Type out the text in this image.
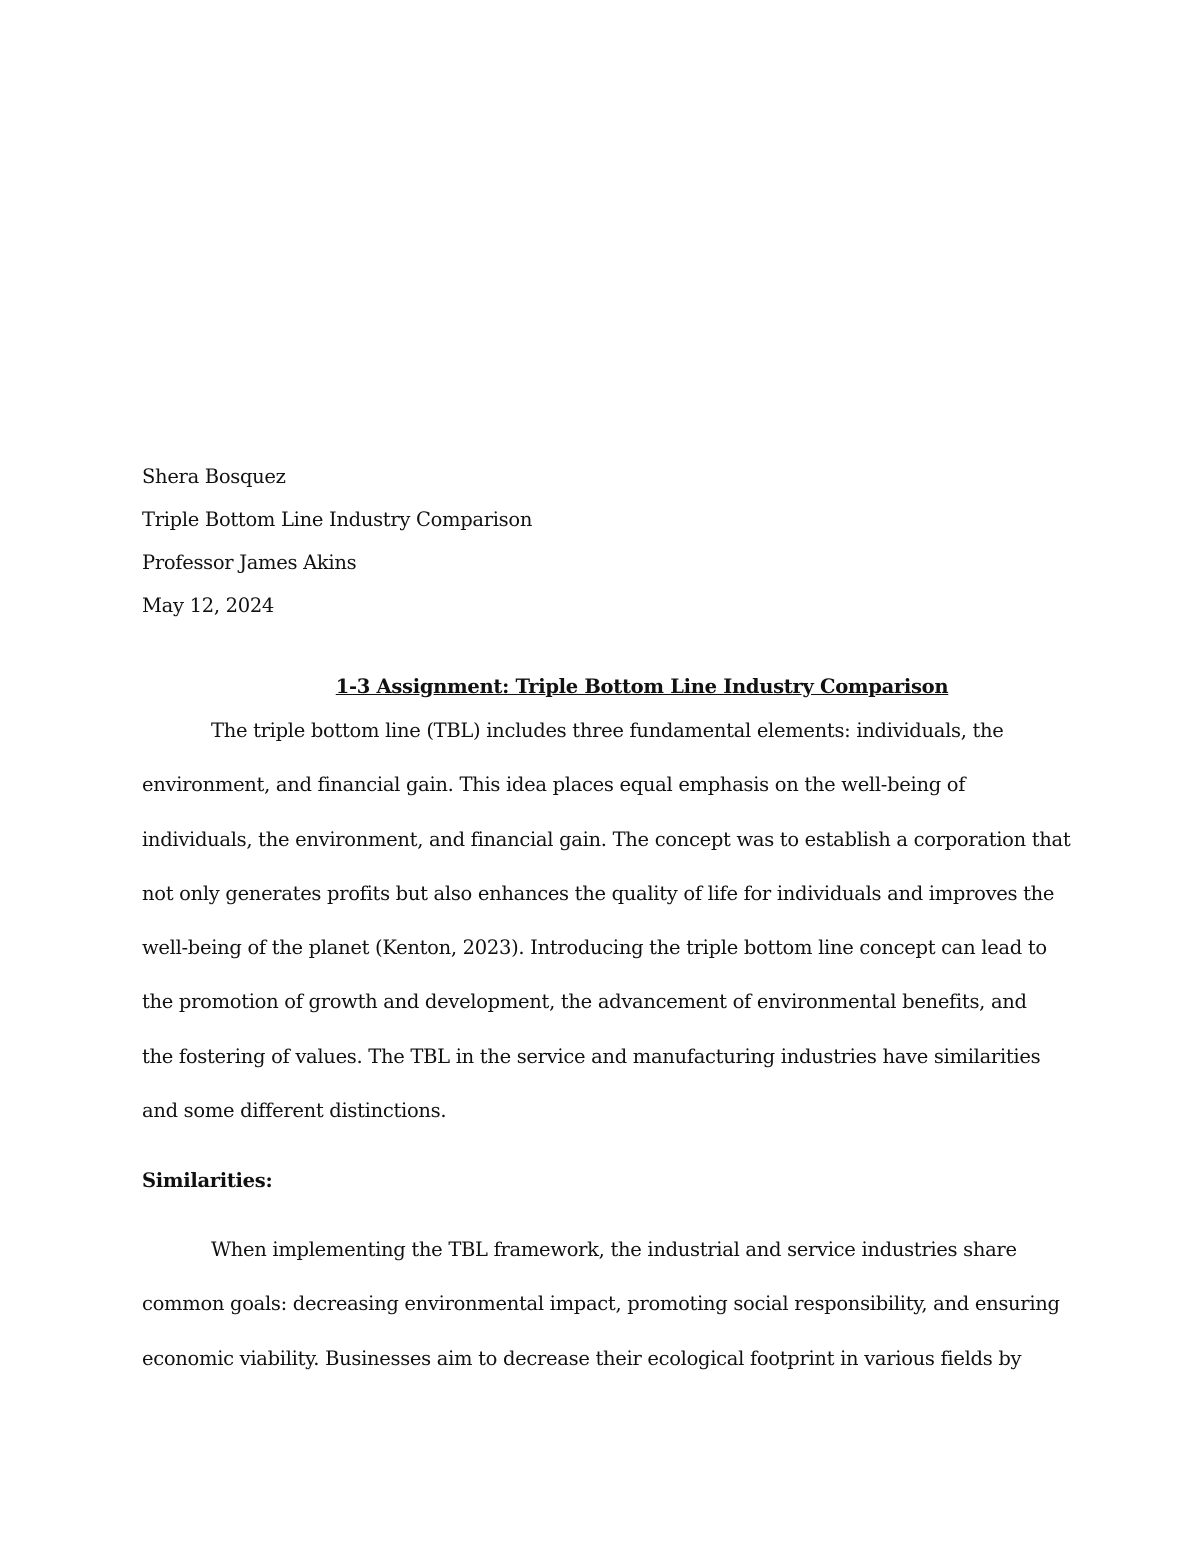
Shera Bosquez
Triple Bottom Line Industry Comparison
Professor James Akins
May 12, 2024
1-3 Assignment: Triple Bottom Line Industry Comparison
The triple bottom line (TBL) includes three fundamental elements: individuals, the
environment, and financial gain. This idea places equal emphasis on the well-being of
individuals, the environment, and financial gain. The concept was to establish a corporation that
not only generates profits but also enhances the quality of life for individuals and improves the
well-being of the planet (Kenton, 2023). Introducing the triple bottom line concept can lead to
the promotion of growth and development, the advancement of environmental benefits, and
the fostering of values. The TBL in the service and manufacturing industries have similarities
and some different distinctions.
Similarities:
When implementing the TBL framework, the industrial and service industries share
common goals: decreasing environmental impact, promoting social responsibility, and ensuring
economic viability. Businesses aim to decrease their ecological footprint in various fields by
